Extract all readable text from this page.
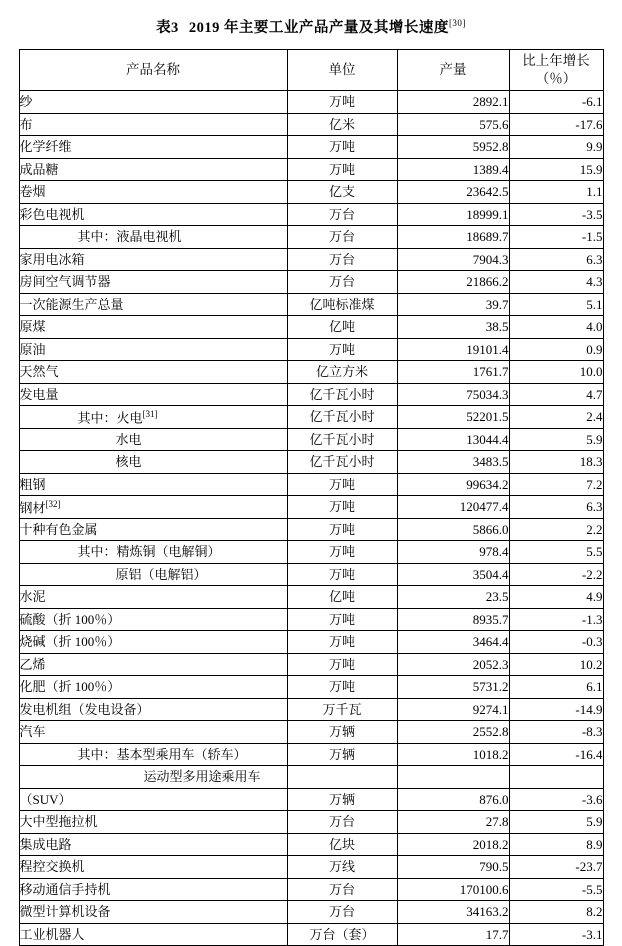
表3 2019 年主要工业产品产量及其增长速度[30]
产品名称	单位	产量	比上年增长
（％）

纱	万吨	2892.1	-6.1
布	亿米	575.6	-17.6
化学纤维	万吨	5952.8	9.9
成品糖	万吨	1389.4	15.9
卷烟	亿支	23642.5	1.1
彩色电视机	万台	18999.1	-3.5
其中：液晶电视机	万台	18689.7	-1.5
家用电冰箱	万台	7904.3	6.3
房间空气调节器	万台	21866.2	4.3
一次能源生产总量	亿吨标准煤	39.7	5.1
原煤	亿吨	38.5	4.0
原油	万吨	19101.4	0.9
天然气	亿立方米	1761.7	10.0
发电量	亿千瓦小时	75034.3	4.7
其中：火电[31]	亿千瓦小时	52201.5	2.4
水电	亿千瓦小时	13044.4	5.9
核电	亿千瓦小时	3483.5	18.3
粗钢	万吨	99634.2	7.2
钢材[32]	万吨	120477.4	6.3
十种有色金属	万吨	5866.0	2.2
其中：精炼铜（电解铜）	万吨	978.4	5.5
原铝（电解铝）	万吨	3504.4	-2.2
水泥	亿吨	23.5	4.9
硫酸（折 100％）	万吨	8935.7	-1.3
烧碱（折 100％）	万吨	3464.4	-0.3
乙烯	万吨	2052.3	10.2
化肥（折 100％）	万吨	5731.2	6.1
发电机组（发电设备）	万千瓦	9274.1	-14.9
汽车	万辆	2552.8	-8.3
其中：基本型乘用车（轿车）	万辆	1018.2	-16.4
运动型多用途乘用车			
（SUV）	万辆	876.0	-3.6
大中型拖拉机	万台	27.8	5.9
集成电路	亿块	2018.2	8.9
程控交换机	万线	790.5	-23.7
移动通信手持机	万台	170100.6	-5.5
微型计算机设备	万台	34163.2	8.2
工业机器人	万台（套）	17.7	-3.1
